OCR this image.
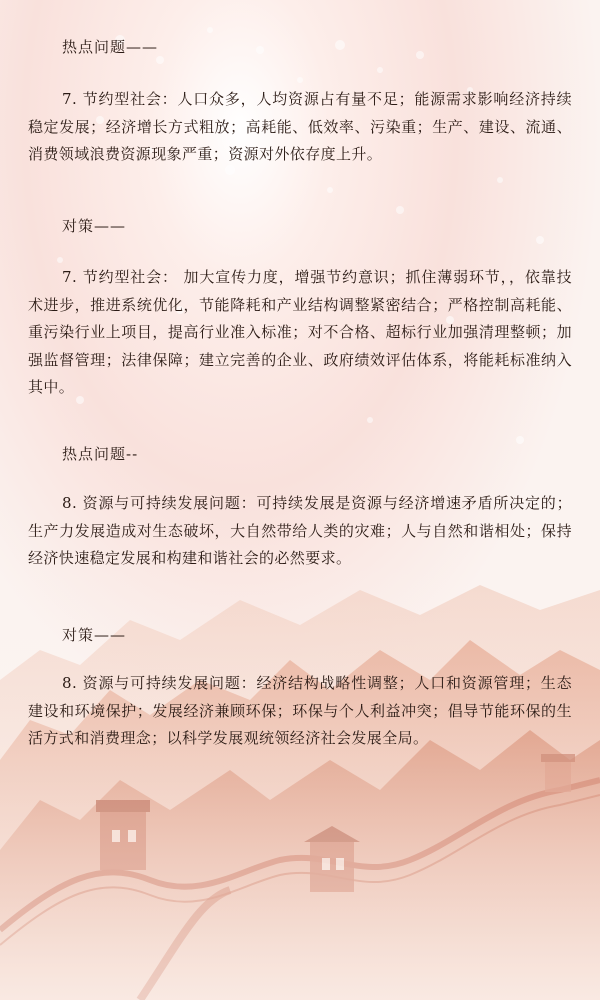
热点问题——

7. 节约型社会：人口众多，人均资源占有量不足；能源需求影响经济持续稳定发展；经济增长方式粗放；高耗能、低效率、污染重；生产、建设、流通、消费领域浪费资源现象严重；资源对外依存度上升。

对策——

7. 节约型社会： 加大宣传力度，增强节约意识；抓住薄弱环节，，依靠技术进步，推进系统优化，节能降耗和产业结构调整紧密结合；严格控制高耗能、重污染行业上项目，提高行业准入标准；对不合格、超标行业加强清理整顿；加强监督管理；法律保障；建立完善的企业、政府绩效评估体系，将能耗标准纳入其中。

热点问题--

8. 资源与可持续发展问题：可持续发展是资源与经济增速矛盾所决定的；生产力发展造成对生态破坏，大自然带给人类的灾难；人与自然和谐相处；保持经济快速稳定发展和构建和谐社会的必然要求。

对策——

8. 资源与可持续发展问题：经济结构战略性调整；人口和资源管理；生态建设和环境保护；发展经济兼顾环保；环保与个人利益冲突；倡导节能环保的生活方式和消费理念；以科学发展观统领经济社会发展全局。
